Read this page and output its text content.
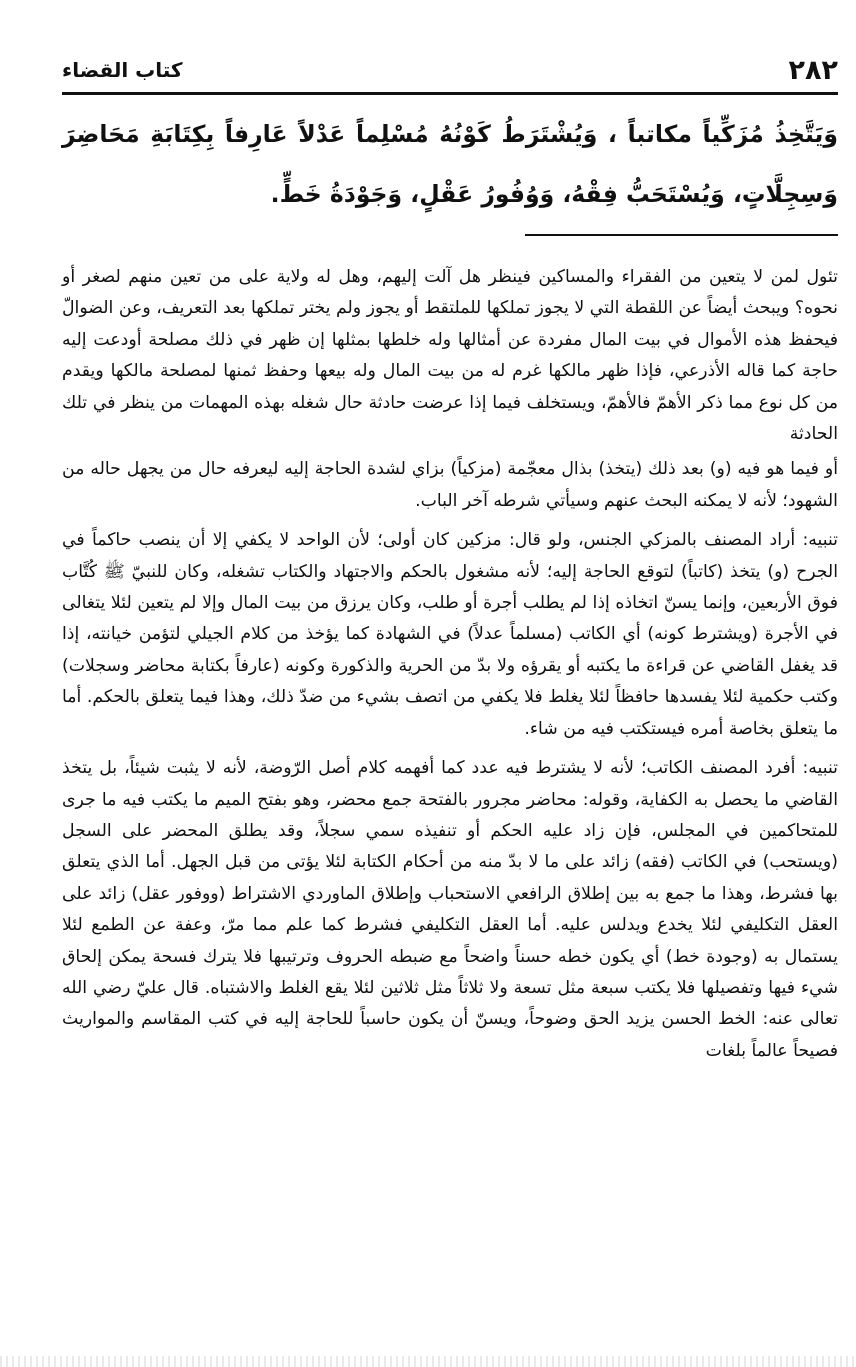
٢٨٢
كتاب القضاء
وَيَتَّخِذُ مُزَكِّياً مكاتباً ، وَيُشْتَرَطُ كَوْنُهُ مُسْلِماً عَدْلاً عَارِفاً بِكِتَابَةِ مَحَاضِرَ وَسِجِلَّاتٍ، وَيُسْتَحَبُّ فِقْهُ، وَوُفُورُ عَقْلٍ، وَجَوْدَةُ خَطٍّ.

تئول لمن لا يتعين من الفقراء والمساكين فينظر هل آلت إليهم، وهل له ولاية على من تعين منهم لصغر أو نحوه؟ ويبحث أيضاً عن اللقطة التي لا يجوز تملكها للملتقط أو يجوز ولم يختر تملكها بعد التعريف، وعن الضوالّ فيحفظ هذه الأموال في بيت المال مفردة عن أمثالها وله خلطها بمثلها إن ظهر في ذلك مصلحة أودعت إليه حاجة كما قاله الأذرعي، فإذا ظهر مالكها غرم له من بيت المال وله بيعها وحفظ ثمنها لمصلحة مالكها ويقدم من كل نوع مما ذكر الأهمّ فالأهمّ، ويستخلف فيما إذا عرضت حادثة حال شغله بهذه المهمات من ينظر في تلك الحادثة

أو فيما هو فيه (و) بعد ذلك (يتخذ) بذال معجّمة (مزكياً) بزاي لشدة الحاجة إليه ليعرفه حال من يجهل حاله من الشهود؛ لأنه لا يمكنه البحث عنهم وسيأتي شرطه آخر الباب.

تنبيه: أراد المصنف بالمزكي الجنس، ولو قال: مزكين كان أولى؛ لأن الواحد لا يكفي إلا أن ينصب حاكماً في الجرح (و) يتخذ (كاتباً) لتوقع الحاجة إليه؛ لأنه مشغول بالحكم والاجتهاد والكتاب تشغله، وكان للنبيّ ﷺ كُتَّاب فوق الأربعين، وإنما يسنّ اتخاذه إذا لم يطلب أجرة أو طلب، وكان يرزق من بيت المال وإلا لم يتعين لئلا يتغالى في الأجرة (ويشترط كونه) أي الكاتب (مسلماً عدلاً) في الشهادة كما يؤخذ من كلام الجيلي لتؤمن خيانته، إذا قد يغفل القاضي عن قراءة ما يكتبه أو يقرؤه ولا بدّ من الحرية والذكورة وكونه (عارفاً بكتابة محاضر وسجلات) وكتب حكمية لئلا يفسدها حافظاً لئلا يغلط فلا يكفي من اتصف بشيء من ضدّ ذلك، وهذا فيما يتعلق بالحكم. أما ما يتعلق بخاصة أمره فيستكتب فيه من شاء.

تنبيه: أفرد المصنف الكاتب؛ لأنه لا يشترط فيه عدد كما أفهمه كلام أصل الرّوضة، لأنه لا يثبت شيئاً، بل يتخذ القاضي ما يحصل به الكفاية، وقوله: محاضر مجرور بالفتحة جمع محضر، وهو بفتح الميم ما يكتب فيه ما جرى للمتحاكمين في المجلس، فإن زاد عليه الحكم أو تنفيذه سمي سجلاً، وقد يطلق المحضر على السجل (ويستحب) في الكاتب (فقه) زائد على ما لا بدّ منه من أحكام الكتابة لئلا يؤتى من قبل الجهل. أما الذي يتعلق بها فشرط، وهذا ما جمع به بين إطلاق الرافعي الاستحباب وإطلاق الماوردي الاشتراط (ووفور عقل) زائد على العقل التكليفي لئلا يخدع ويدلس عليه. أما العقل التكليفي فشرط كما علم مما مرّ، وعفة عن الطمع لئلا يستمال به (وجودة خط) أي يكون خطه حسناً واضحاً مع ضبطه الحروف وترتيبها فلا يترك فسحة يمكن إلحاق شيء فيها وتفصيلها فلا يكتب سبعة مثل تسعة ولا ثلاثاً مثل ثلاثين لئلا يقع الغلط والاشتباه. قال عليّ رضي الله تعالى عنه: الخط الحسن يزيد الحق وضوحاً، ويسنّ أن يكون حاسباً للحاجة إليه في كتب المقاسم والمواريث فصيحاً عالماً بلغات
